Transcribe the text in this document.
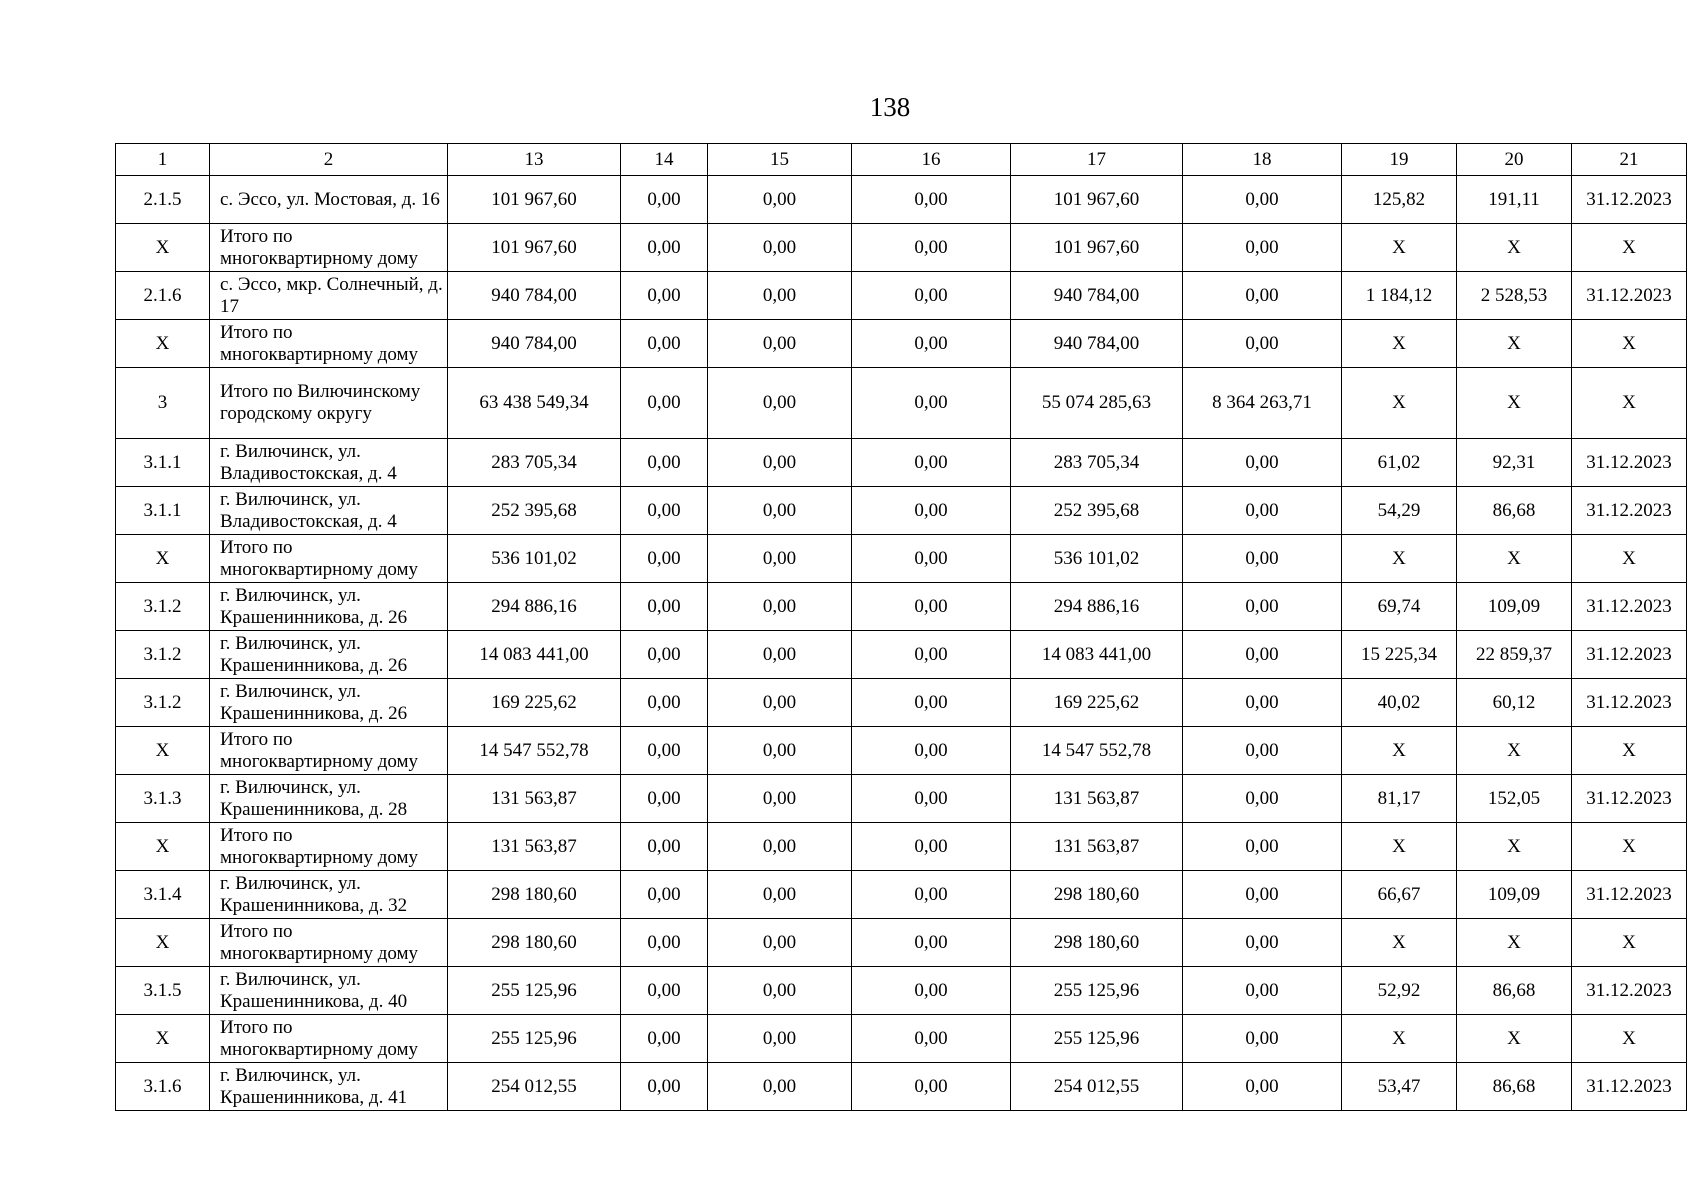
138
1	2	13	14	15	16	17	18	19	20	21
2.1.5	с. Эссо, ул. Мостовая, д. 16	101 967,60	0,00	0,00	0,00	101 967,60	0,00	125,82	191,11	31.12.2023
X	Итого по многоквартирному дому	101 967,60	0,00	0,00	0,00	101 967,60	0,00	X	X	X
2.1.6	с. Эссо, мкр. Солнечный, д. 17	940 784,00	0,00	0,00	0,00	940 784,00	0,00	1 184,12	2 528,53	31.12.2023
X	Итого по многоквартирному дому	940 784,00	0,00	0,00	0,00	940 784,00	0,00	X	X	X
3	Итого по Вилючинскому городскому округу	63 438 549,34	0,00	0,00	0,00	55 074 285,63	8 364 263,71	X	X	X
3.1.1	г. Вилючинск, ул. Владивостокская, д. 4	283 705,34	0,00	0,00	0,00	283 705,34	0,00	61,02	92,31	31.12.2023
3.1.1	г. Вилючинск, ул. Владивостокская, д. 4	252 395,68	0,00	0,00	0,00	252 395,68	0,00	54,29	86,68	31.12.2023
X	Итого по многоквартирному дому	536 101,02	0,00	0,00	0,00	536 101,02	0,00	X	X	X
3.1.2	г. Вилючинск, ул. Крашенинникова, д. 26	294 886,16	0,00	0,00	0,00	294 886,16	0,00	69,74	109,09	31.12.2023
3.1.2	г. Вилючинск, ул. Крашенинникова, д. 26	14 083 441,00	0,00	0,00	0,00	14 083 441,00	0,00	15 225,34	22 859,37	31.12.2023
3.1.2	г. Вилючинск, ул. Крашенинникова, д. 26	169 225,62	0,00	0,00	0,00	169 225,62	0,00	40,02	60,12	31.12.2023
X	Итого по многоквартирному дому	14 547 552,78	0,00	0,00	0,00	14 547 552,78	0,00	X	X	X
3.1.3	г. Вилючинск, ул. Крашенинникова, д. 28	131 563,87	0,00	0,00	0,00	131 563,87	0,00	81,17	152,05	31.12.2023
X	Итого по многоквартирному дому	131 563,87	0,00	0,00	0,00	131 563,87	0,00	X	X	X
3.1.4	г. Вилючинск, ул. Крашенинникова, д. 32	298 180,60	0,00	0,00	0,00	298 180,60	0,00	66,67	109,09	31.12.2023
X	Итого по многоквартирному дому	298 180,60	0,00	0,00	0,00	298 180,60	0,00	X	X	X
3.1.5	г. Вилючинск, ул. Крашенинникова, д. 40	255 125,96	0,00	0,00	0,00	255 125,96	0,00	52,92	86,68	31.12.2023
X	Итого по многоквартирному дому	255 125,96	0,00	0,00	0,00	255 125,96	0,00	X	X	X
3.1.6	г. Вилючинск, ул. Крашенинникова, д. 41	254 012,55	0,00	0,00	0,00	254 012,55	0,00	53,47	86,68	31.12.2023
